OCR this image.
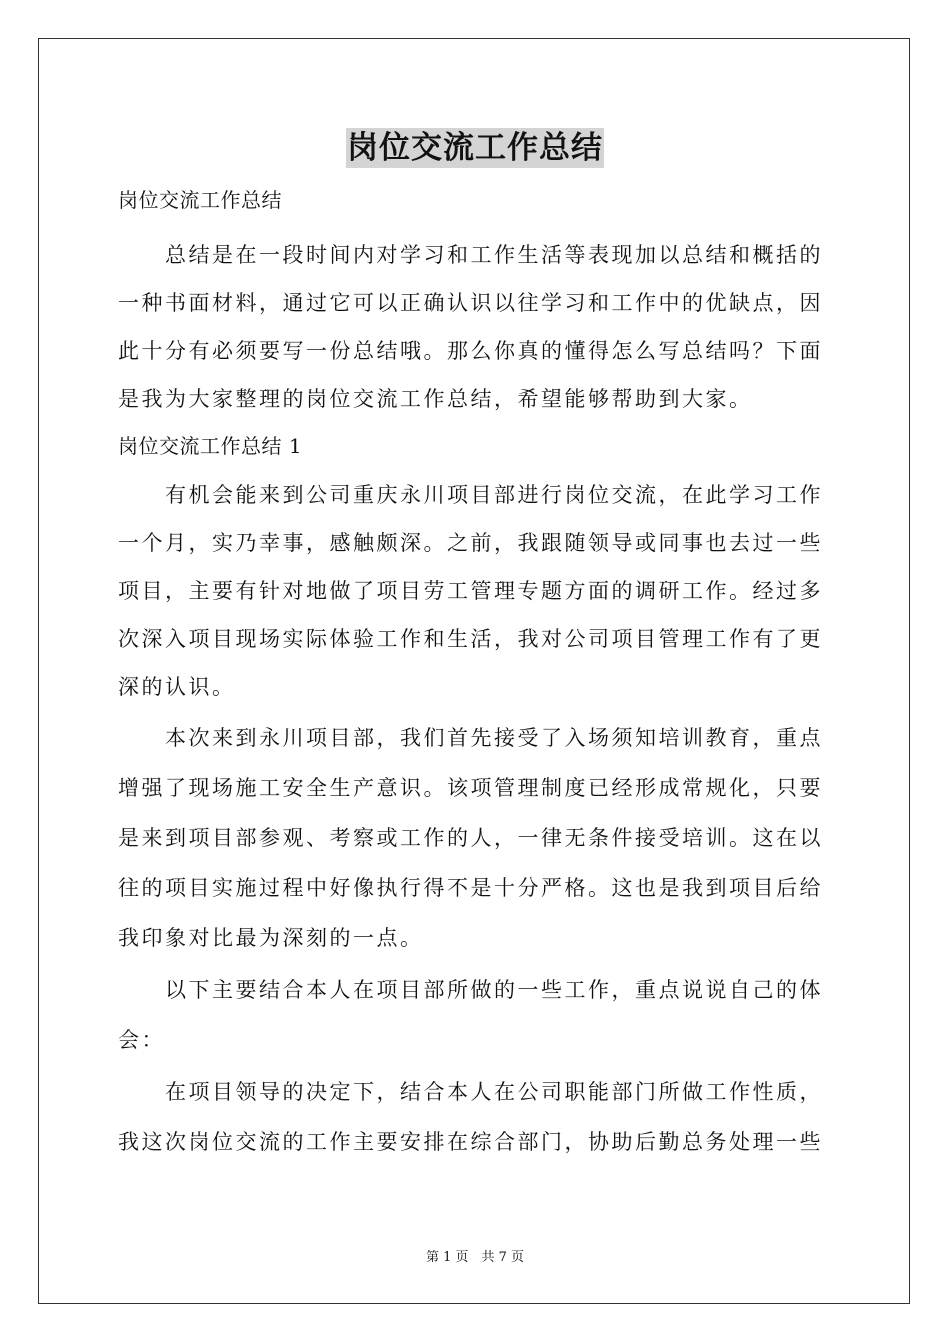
岗位交流工作总结
岗位交流工作总结
总结是在一段时间内对学习和工作生活等表现加以总结和概括的
一种书面材料，通过它可以正确认识以往学习和工作中的优缺点，因
此十分有必须要写一份总结哦。那么你真的懂得怎么写总结吗？下面
是我为大家整理的岗位交流工作总结，希望能够帮助到大家。
岗位交流工作总结 1
有机会能来到公司重庆永川项目部进行岗位交流，在此学习工作
一个月，实乃幸事，感触颇深。之前，我跟随领导或同事也去过一些
项目，主要有针对地做了项目劳工管理专题方面的调研工作。经过多
次深入项目现场实际体验工作和生活，我对公司项目管理工作有了更
深的认识。
本次来到永川项目部，我们首先接受了入场须知培训教育，重点
增强了现场施工安全生产意识。该项管理制度已经形成常规化，只要
是来到项目部参观、考察或工作的人，一律无条件接受培训。这在以
往的项目实施过程中好像执行得不是十分严格。这也是我到项目后给
我印象对比最为深刻的一点。
以下主要结合本人在项目部所做的一些工作，重点说说自己的体
会：
在项目领导的决定下，结合本人在公司职能部门所做工作性质，
我这次岗位交流的工作主要安排在综合部门，协助后勤总务处理一些
第 1 页　共 7 页
